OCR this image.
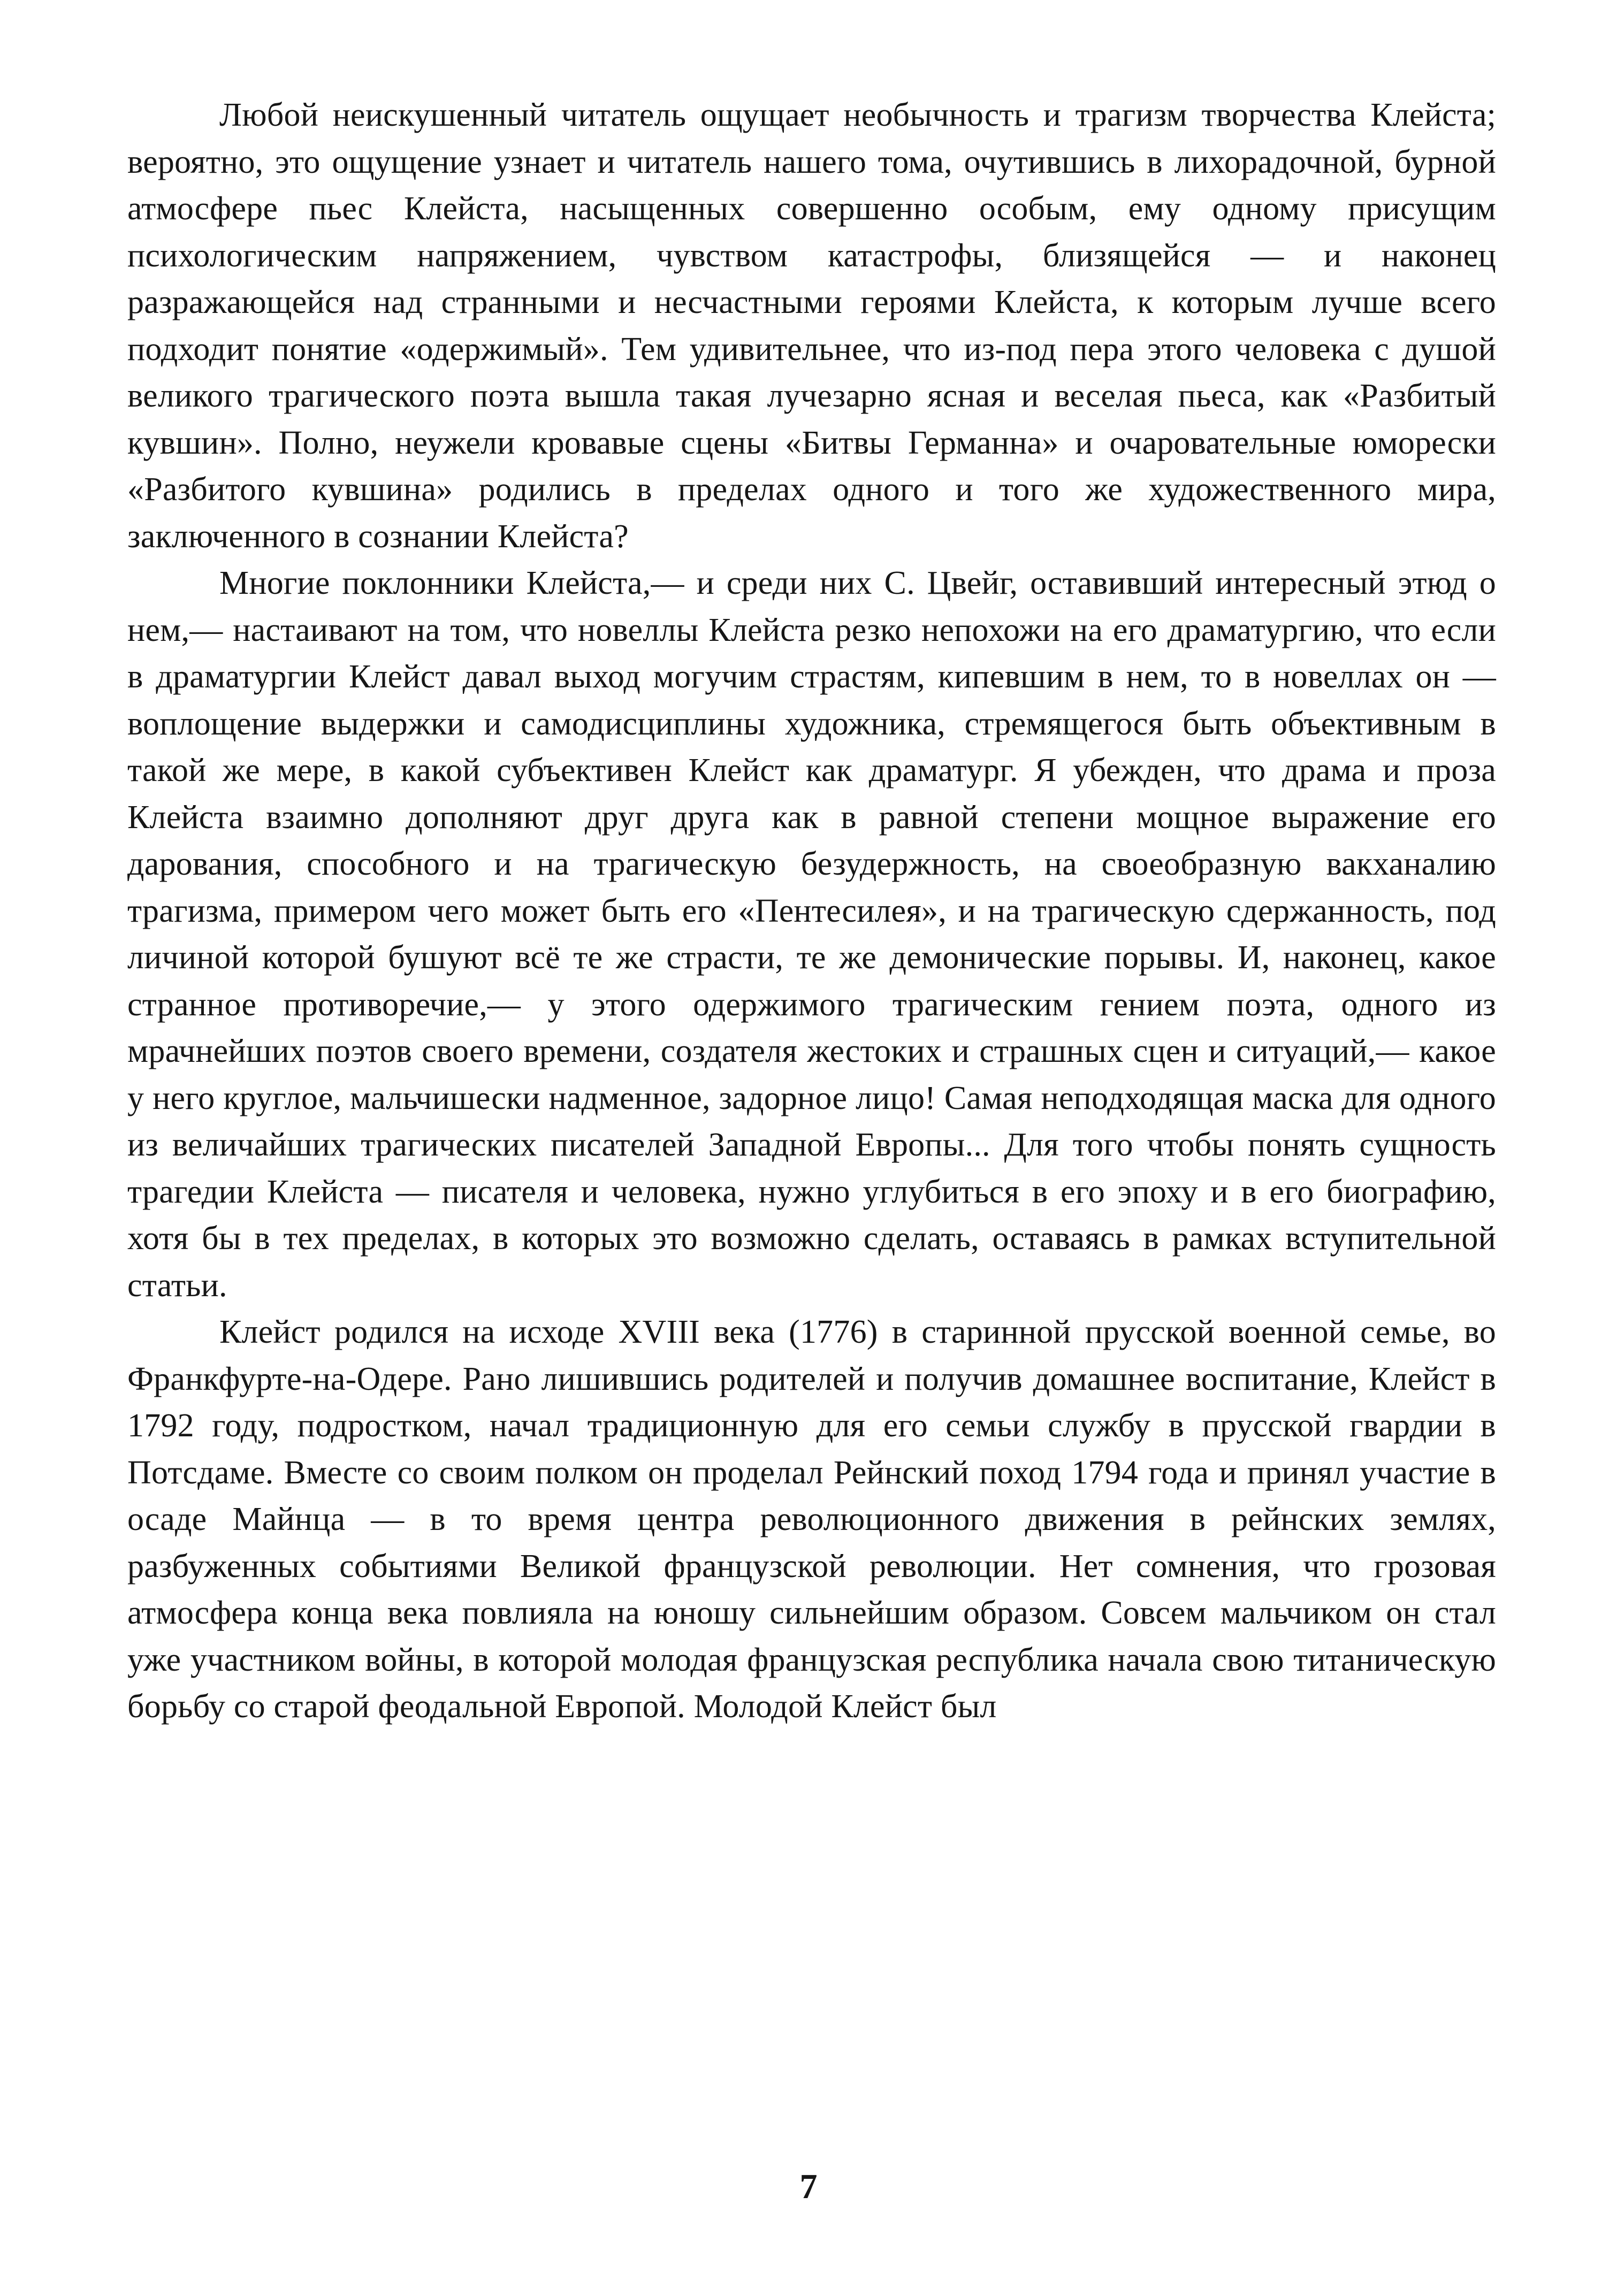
Любой неискушенный читатель ощущает необычность и трагизм творчества Клейста; вероятно, это ощущение узнает и читатель нашего тома, очутившись в лихорадочной, бурной атмосфере пьес Клейста, насыщенных совершенно особым, ему одному присущим психологическим напряжением, чувством катастрофы, близящейся — и наконец разражающейся над странными и несчастными героями Клейста, к которым лучше всего подходит понятие «одержимый». Тем удивительнее, что из-под пера этого человека с душой великого трагического поэта вышла такая лучезарно ясная и веселая пьеса, как «Разбитый кувшин». Полно, неужели кровавые сцены «Битвы Германна» и очаровательные юморески «Разбитого кувшина» родились в пределах одного и того же художественного мира, заключенного в сознании Клейста?

Многие поклонники Клейста,— и среди них С. Цвейг, оставивший интересный этюд о нем,— настаивают на том, что новеллы Клейста резко непохожи на его драматургию, что если в драматургии Клейст давал выход могучим страстям, кипевшим в нем, то в новеллах он — воплощение выдержки и самодисциплины художника, стремящегося быть объективным в такой же мере, в какой субъективен Клейст как драматург. Я убежден, что драма и проза Клейста взаимно дополняют друг друга как в равной степени мощное выражение его дарования, способного и на трагическую безудержность, на своеобразную вакханалию трагизма, примером чего может быть его «Пентесилея», и на трагическую сдержанность, под личиной которой бушуют всё те же страсти, те же демонические порывы. И, наконец, какое странное противоречие,— у этого одержимого трагическим гением поэта, одного из мрачнейших поэтов своего времени, создателя жестоких и страшных сцен и ситуаций,— какое у него круглое, мальчишески надменное, задорное лицо! Самая неподходящая маска для одного из величайших трагических писателей Западной Европы... Для того чтобы понять сущность трагедии Клейста — писателя и человека, нужно углубиться в его эпоху и в его биографию, хотя бы в тех пределах, в которых это возможно сделать, оставаясь в рамках вступительной статьи.

Клейст родился на исходе XVIII века (1776) в старинной прусской военной семье, во Франкфурте-на-Одере. Рано лишившись родителей и получив домашнее воспитание, Клейст в 1792 году, подростком, начал традиционную для его семьи службу в прусской гвардии в Потсдаме. Вместе со своим полком он проделал Рейнский поход 1794 года и принял участие в осаде Майнца — в то время центра революционного движения в рейнских землях, разбуженных событиями Великой французской революции. Нет сомнения, что грозовая атмосфера конца века повлияла на юношу сильнейшим образом. Совсем мальчиком он стал уже участником войны, в которой молодая французская республика начала свою титаническую борьбу со старой феодальной Европой. Молодой Клейст был

7
